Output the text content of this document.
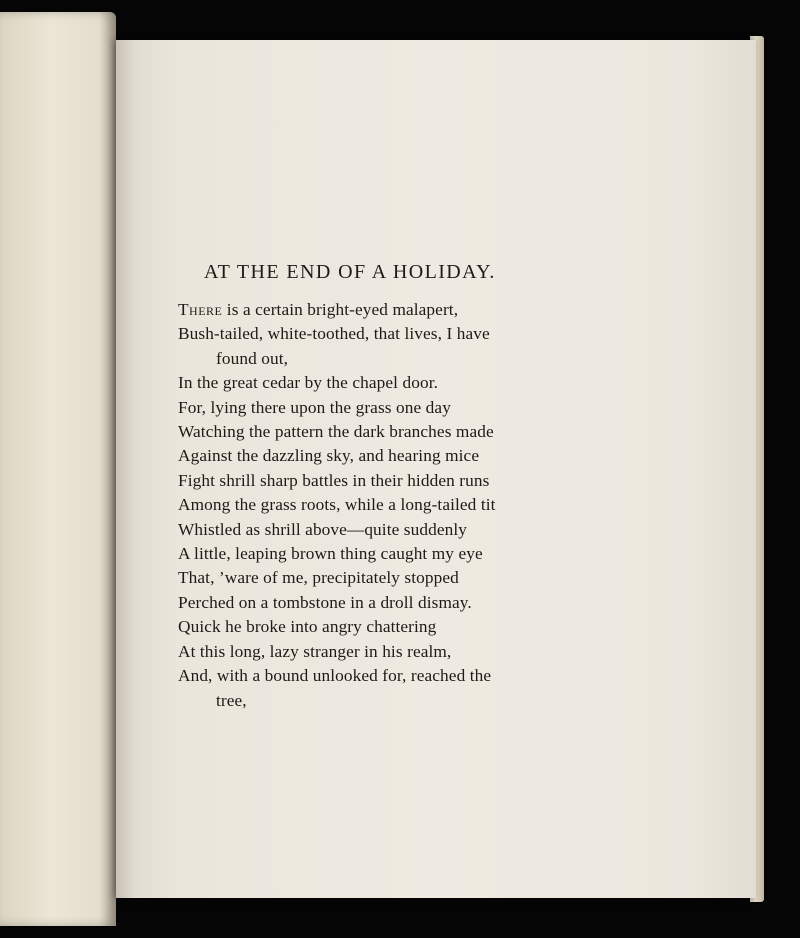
AT THE END OF A HOLIDAY.
There is a certain bright-eyed malapert,
Bush-tailed, white-toothed, that lives, I have
found out,
In the great cedar by the chapel door.
For, lying there upon the grass one day
Watching the pattern the dark branches made
Against the dazzling sky, and hearing mice
Fight shrill sharp battles in their hidden runs
Among the grass roots, while a long-tailed tit
Whistled as shrill above—quite suddenly
A little, leaping brown thing caught my eye
That, ’ware of me, precipitately stopped
Perched on a tombstone in a droll dismay.
Quick he broke into angry chattering
At this long, lazy stranger in his realm,
And, with a bound unlooked for, reached the
tree,
